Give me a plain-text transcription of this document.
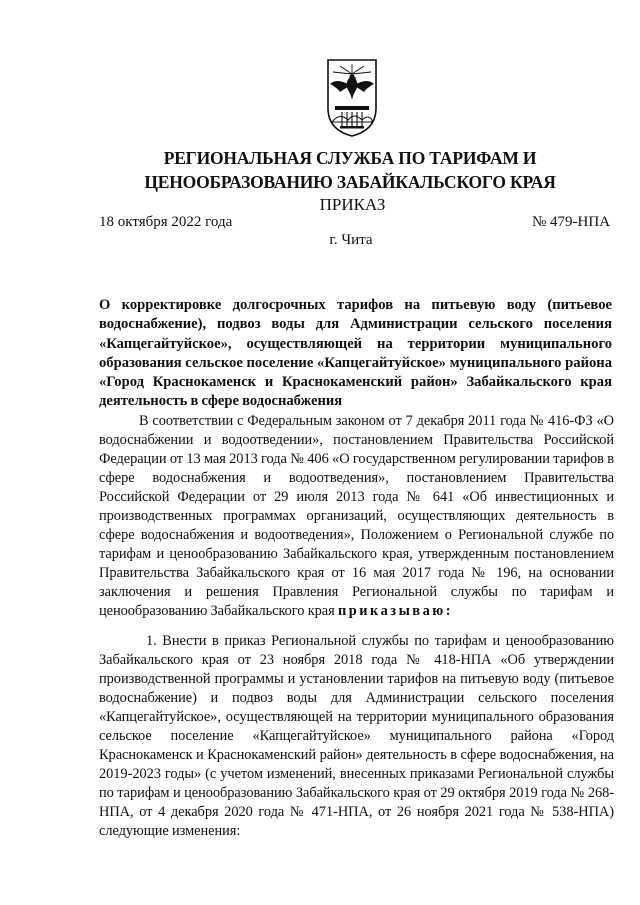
РЕГИОНАЛЬНАЯ СЛУЖБА ПО ТАРИФАМ И
ЦЕНООБРАЗОВАНИЮ ЗАБАЙКАЛЬСКОГО КРАЯ
ПРИКАЗ
18 октября 2022 года	№ 479-НПА
г. Чита
О корректировке долгосрочных тарифов на питьевую воду (питьевое водоснабжение), подвоз воды для Администрации сельского поселения «Капцегайтуйское», осуществляющей на территории муниципального образования сельское поселение «Капцегайтуйское» муниципального района «Город Краснокаменск и Краснокаменский район» Забайкальского края деятельность в сфере водоснабжения
В соответствии с Федеральным законом от 7 декабря 2011 года № 416-ФЗ «О водоснабжении и водоотведении», постановлением Правительства Российской Федерации от 13 мая 2013 года № 406 «О государственном регулировании тарифов в сфере водоснабжения и водоотведения», постановлением Правительства Российской Федерации от 29 июля 2013 года № 641 «Об инвестиционных и производственных программах организаций, осуществляющих деятельность в сфере водоснабжения и водоотведения», Положением о Региональной службе по тарифам и ценообразованию Забайкальского края, утвержденным постановлением Правительства Забайкальского края от 16 мая 2017 года № 196, на основании заключения и решения Правления Региональной службы по тарифам и ценообразованию Забайкальского края приказываю:
1. Внести в приказ Региональной службы по тарифам и ценообразованию Забайкальского края от 23 ноября 2018 года № 418-НПА «Об утверждении производственной программы и установлении тарифов на питьевую воду (питьевое водоснабжение) и подвоз воды для Администрации сельского поселения «Капцегайтуйское», осуществляющей на территории муниципального образования сельское поселение «Капцегайтуйское» муниципального района «Город Краснокаменск и Краснокаменский район» деятельность в сфере водоснабжения, на 2019-2023 годы» (с учетом изменений, внесенных приказами Региональной службы по тарифам и ценообразованию Забайкальского края от 29 октября 2019 года № 268-НПА, от 4 декабря 2020 года № 471-НПА, от 26 ноября 2021 года № 538-НПА) следующие изменения:
